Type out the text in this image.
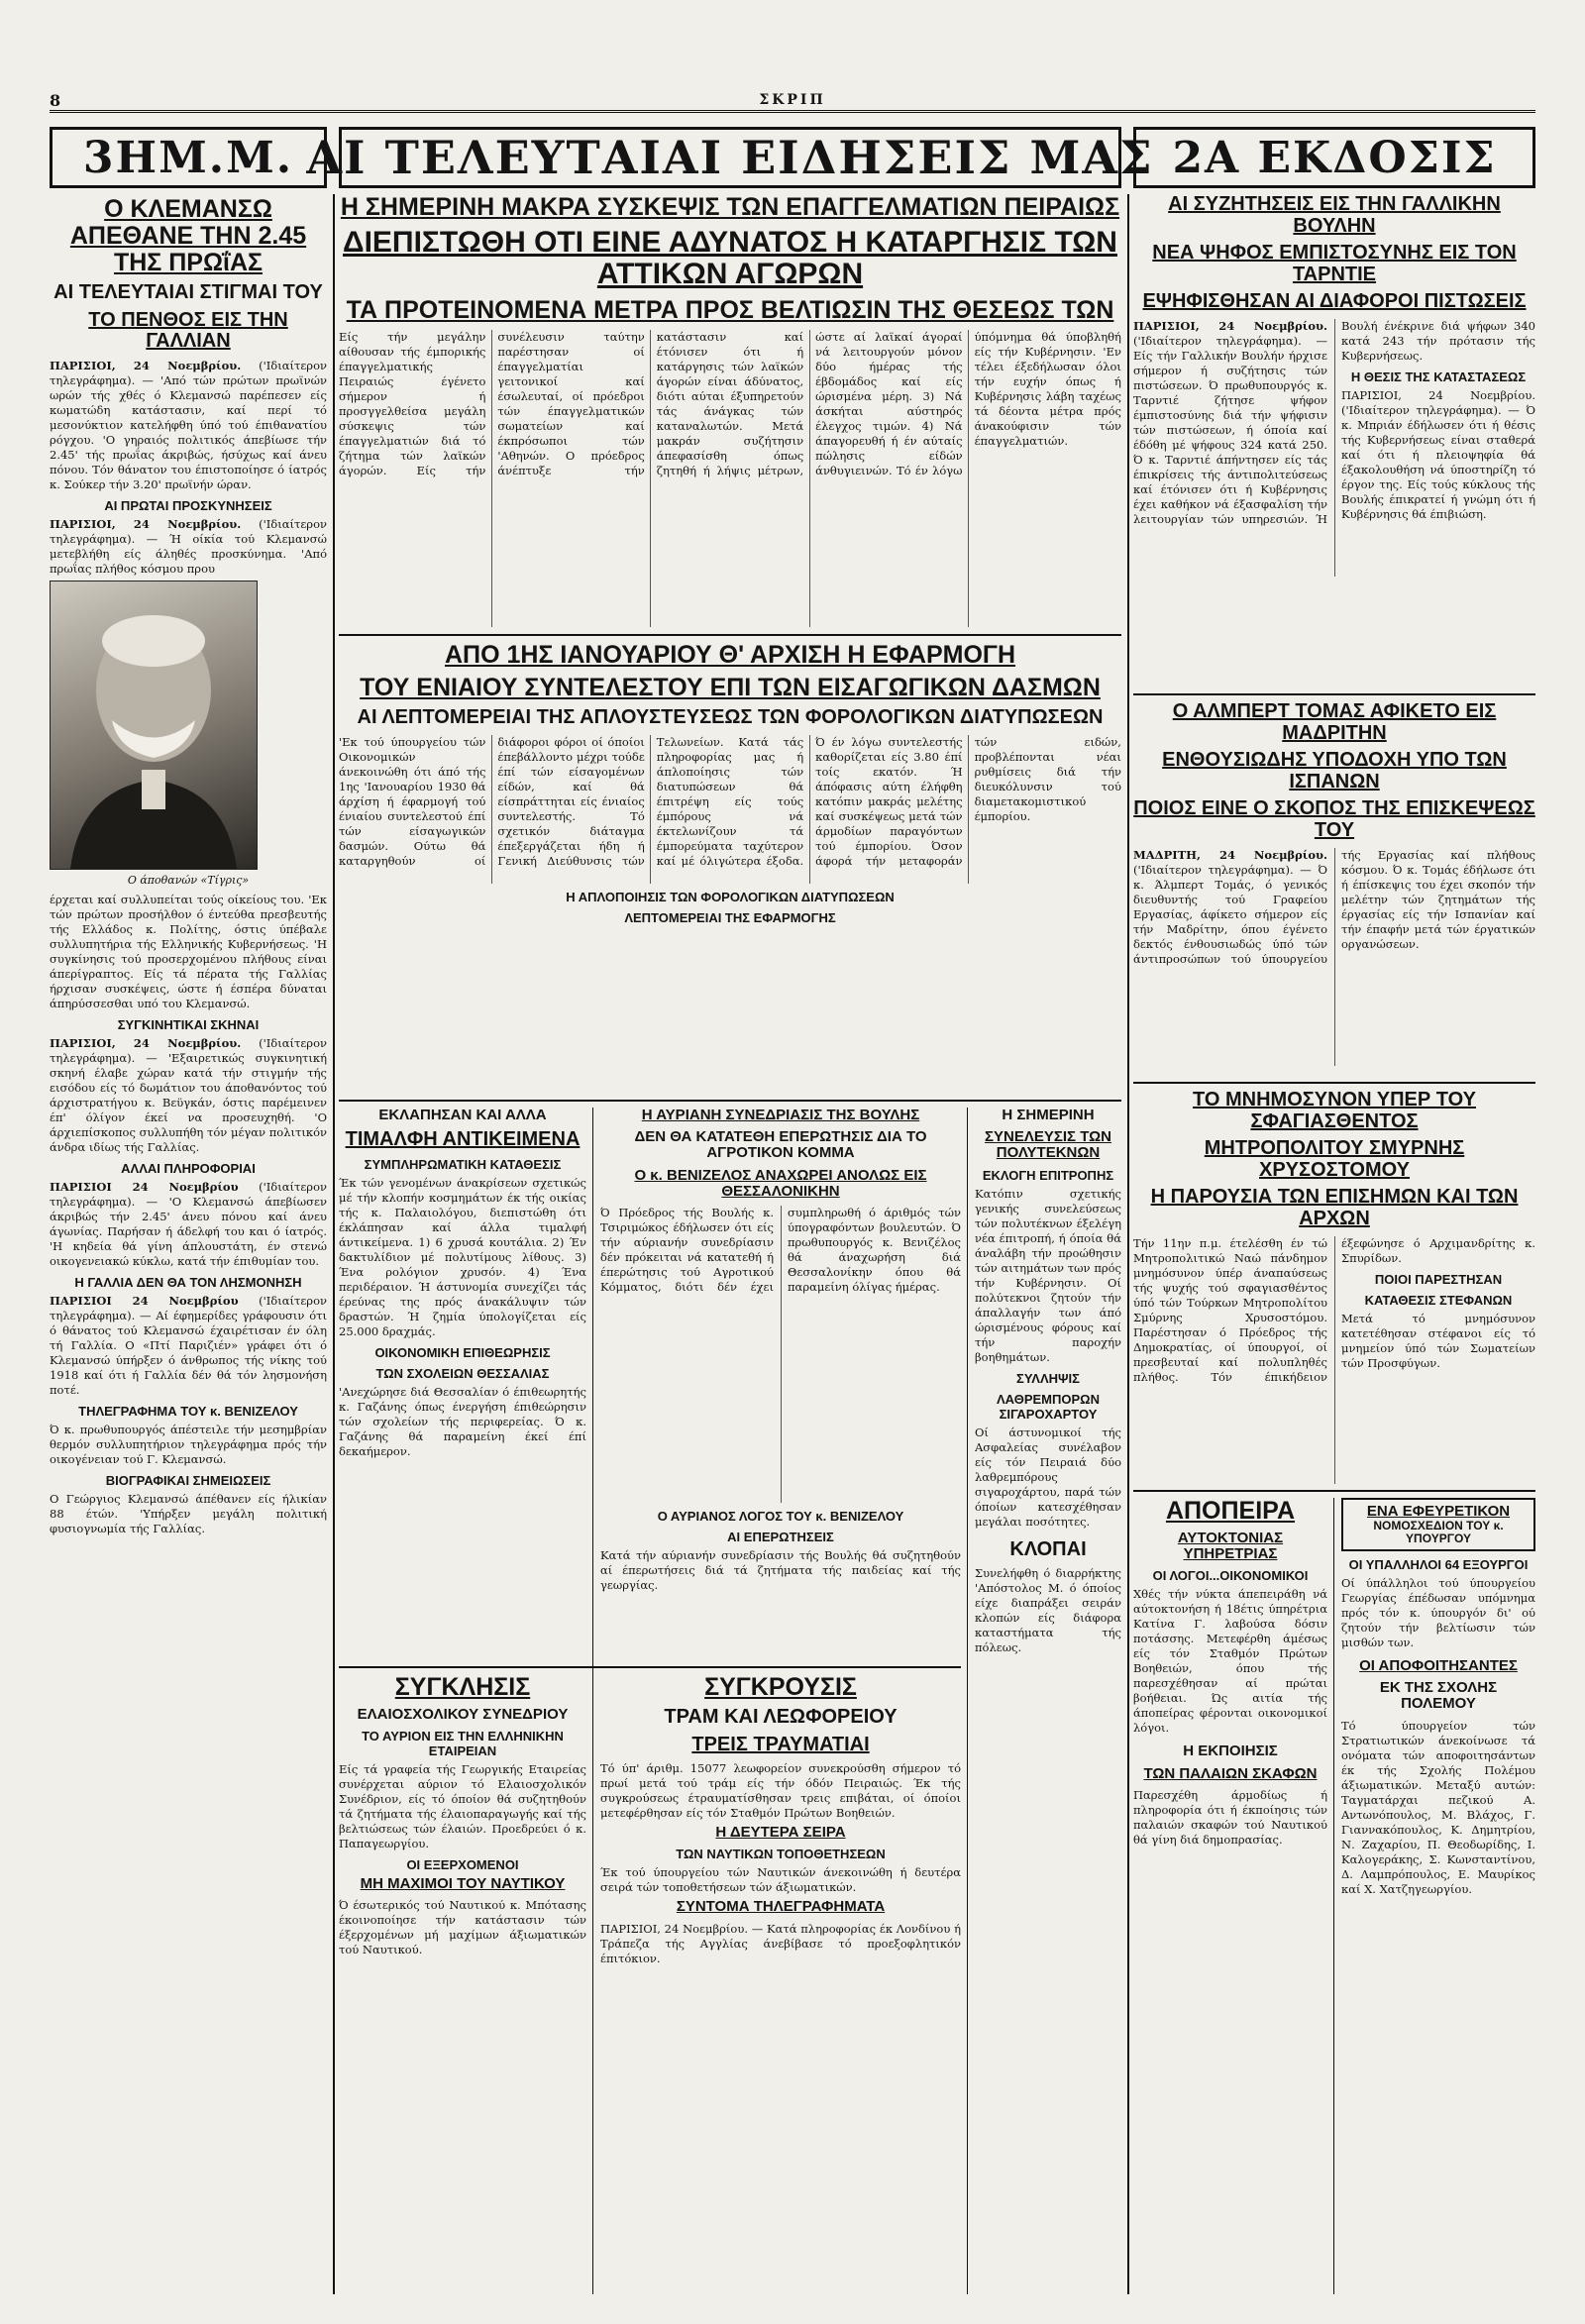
8	ΣΚΡΙΠ
3ΗΜ.Μ. ΑΙ ΤΕΛΕΥΤΑΙΑΙ ΕΙΔΗΣΕΙΣ ΜΑΣ 2Α ΕΚΔΟΣΙΣ
Ο ΚΛΕΜΑΝΣΩ ΑΠΕΘΑΝΕ ΤΗΝ 2.45 ΤΗΣ ΠΡΩΐΑΣ
ΑΙ ΤΕΛΕΥΤΑΙΑΙ ΣΤΙΓΜΑΙ ΤΟΥ
ΤΟ ΠΕΝΘΟΣ ΕΙΣ ΤΗΝ ΓΑΛΛΙΑΝ

ΠΑΡΙΣΙΟΙ, 24 Νοεμβρίου. ('Ιδιαίτερον τηλεγράφημα). — 'Από τών πρώτων πρωϊνών ωρών τής χθές ό Κλεμανσώ παρέπεσεν είς κωματώδη κατάστασιν, καί περί τό μεσονύκτιον κατελήφθη ύπό τού έπιθανατίου ρόγχου. 'Ο γηραιός πολιτικός άπεβίωσε τήν 2.45' τής πρωΐας άκριβώς, ήσύχως καί άνευ πόνου. Τόν θάνατον του έπιστοποίησε ό ίατρός κ. Σούκερ τήν 3.20' πρωϊνήν ώραν.

ΑΙ ΠΡΩΤΑΙ ΠΡΟΣΚΥΝΗΣΕΙΣ

ΠΑΡΙΣΙΟΙ, 24 Νοεμβρίου. ('Ιδιαίτερον τηλεγράφημα). — Ή οίκία τού Κλεμανσώ μετεβλήθη είς άληθές προσκύνημα. 'Από πρωΐας πλήθος κόσμου πρου

Ο άποθανών «Τίγρις»

έρχεται καί συλλυπείται τούς οίκείους του. 'Εκ τών πρώτων προσήλθον ό έντεύθα πρεσβευτής τής Ελλάδος κ. Πολίτης, όστις ύπέβαλε συλλυπητήρια τής Ελληνικής Κυβερνήσεως. 'Η συγκίνησις τού προσερχομένου πλήθους είναι άπερίγραπτος. Είς τά πέρατα τής Γαλλίας ήρχισαν συσκέψεις, ώστε ή έσπέρα δύναται άπηρύσσεσθαι υπό του Κλεμανσώ.

ΣΥΓΚΙΝΗΤΙΚΑΙ ΣΚΗΝΑΙ

ΠΑΡΙΣΙΟΙ, 24 Νοεμβρίου. ('Ιδιαίτερον τηλεγράφημα). — 'Εξαιρετικώς συγκινητική σκηνή έλαβε χώραν κατά τήν στιγμήν τής εισόδου είς τό δωμάτιον του άποθανόντος τού άρχιστρατήγου κ. Βεϋγκάν, όστις παρέμεινεν έπ' όλίγον έκεί να προσευχηθή. 'Ο άρχιεπίσκοπος συλλυπήθη τόν μέγαν πολιτικόν άνδρα ιδίως τής Γαλλίας.

ΑΛΛΑΙ ΠΛΗΡΟΦΟΡΙΑΙ

ΠΑΡΙΣΙΟΙ 24 Νοεμβρίου ('Ιδιαίτερον τηλεγράφημα). — 'Ο Κλεμανσώ άπεβίωσεν άκριβώς τήν 2.45' άνευ πόνου καί άνευ άγωνίας. Παρήσαν ή άδελφή του και ό ίατρός. 'Η κηδεία θά γίνη άπλουστάτη, έν στενώ οικογενειακώ κύκλω, κατά τήν έπιθυμίαν του.

Η ΓΑΛΛΙΑ ΔΕΝ ΘΑ ΤΟΝ ΛΗΣΜΟΝΗΣΗ

ΠΑΡΙΣΙΟΙ 24 Νοεμβρίου ('Ιδιαίτερον τηλεγράφημα). — Αί έφημερίδες γράφουσιν ότι ό θάνατος τού Κλεμανσώ έχαιρέτισαν έν όλη τή Γαλλία. Ο «Πτί Παριζιέν» γράφει ότι ό Κλεμανσώ ύπήρξεν ό άνθρωπος τής νίκης τού 1918 καί ότι ή Γαλλία δέν θά τόν λησμονήση ποτέ.

ΤΗΛΕΓΡΑΦΗΜΑ ΤΟΥ κ. ΒΕΝΙΖΕΛΟΥ

Ό κ. πρωθυπουργός άπέστειλε τήν μεσημβρίαν θερμόν συλλυπητήριον τηλεγράφημα πρός τήν οικογένειαν τού Γ. Κλεμανσώ.

ΒΙΟΓΡΑΦΙΚΑΙ ΣΗΜΕΙΩΣΕΙΣ

Ο Γεώργιος Κλεμανσώ άπέθανεν είς ήλικίαν 88 έτών. 'Υπήρξεν μεγάλη πολιτική φυσιογνωμία τής Γαλλίας.

Η ΣΗΜΕΡΙΝΗ ΜΑΚΡΑ ΣΥΣΚΕΨΙΣ ΤΩΝ ΕΠΑΓΓΕΛΜΑΤΙΩΝ ΠΕΙΡΑΙΩΣ
ΔΙΕΠΙΣΤΩΘΗ ΟΤΙ ΕΙΝΕ ΑΔΥΝΑΤΟΣ Η ΚΑΤΑΡΓΗΣΙΣ ΤΩΝ ΑΤΤΙΚΩΝ ΑΓΩΡΩΝ
ΤΑ ΠΡΟΤΕΙΝΟΜΕΝΑ ΜΕΤΡΑ ΠΡΟΣ ΒΕΛΤΙΩΣΙΝ ΤΗΣ ΘΕΣΕΩΣ ΤΩΝ
Είς τήν μεγάλην αίθουσαν τής έμπορικής έπαγγελματικής Πειραιώς έγένετο σήμερον ή προσγγελθείσα μεγάλη σύσκεψις τών έπαγγελματιών διά τό ζήτημα τών λαϊκών άγορών. Είς τήν συνέλευσιν ταύτην παρέστησαν οί έπαγγελματίαι γειτονικοί καί έσωλευταί, οί πρόεδροι τών έπαγγελματικών σωματείων καί έκπρόσωποι τών 'Αθηνών. Ο πρόεδρος άνέπτυξε τήν κατάστασιν καί έτόνισεν ότι ή κατάργησις τών λαϊκών άγορών είναι άδύνατος, διότι αύται έξυπηρετούν τάς άνάγκας τών καταναλωτών. Μετά μακράν συζήτησιν άπεφασίσθη όπως ζητηθή ή λήψις μέτρων, ώστε αί λαϊκαί άγοραί νά λειτουργούν μόνον δύο ήμέρας τής έβδομάδος καί είς ώρισμένα μέρη. 3) Νά άσκήται αύστηρός έλεγχος τιμών. 4) Νά άπαγορευθή ή έν αύταίς πώλησις είδών άνθυγιεινών. Τό έν λόγω ύπόμνημα θά ύποβληθή είς τήν Κυβέρνησιν. 'Εν τέλει έξεδήλωσαν όλοι τήν ευχήν όπως ή Κυβέρνησις λάβη ταχέως τά δέοντα μέτρα πρός άνακούφισιν τών έπαγγελματιών.
ΑΠΟ 1ΗΣ ΙΑΝΟΥΑΡΙΟΥ Θ' ΑΡΧΙΣΗ Η ΕΦΑΡΜΟΓΗ
ΤΟΥ ΕΝΙΑΙΟΥ ΣΥΝΤΕΛΕΣΤΟΥ ΕΠΙ ΤΩΝ ΕΙΣΑΓΩΓΙΚΩΝ ΔΑΣΜΩΝ
ΑΙ ΛΕΠΤΟΜΕΡΕΙΑΙ ΤΗΣ ΑΠΛΟΥΣΤΕΥΣΕΩΣ ΤΩΝ ΦΟΡΟΛΟΓΙΚΩΝ ΔΙΑΤΥΠΩΣΕΩΝ
'Εκ τού ύπουργείου τών Οικονομικών άνεκοινώθη ότι άπό τής 1ης 'Ιανουαρίου 1930 θά άρχίση ή έφαρμογή τού ένιαίου συντελεστού έπί τών είσαγωγικών δασμών. Ούτω θά καταργηθούν οί διάφοροι φόροι οί όποίοι έπεβάλλοντο μέχρι τούδε έπί τών είσαγομένων είδών, καί θά είσπράττηται είς ένιαίος συντελεστής. Τό σχετικόν διάταγμα έπεξεργάζεται ήδη ή Γενική Διεύθυνσις τών Τελωνείων. Κατά τάς πληροφορίας μας ή άπλοποίησις τών διατυπώσεων θά έπιτρέψη είς τούς έμπόρους νά έκτελωνίζουν τά έμπορεύματα ταχύτερον καί μέ όλιγώτερα έξοδα. Ό έν λόγω συντελεστής καθορίζεται είς 3.80 έπί τοίς εκατόν. Ή άπόφασις αύτη έλήφθη κατόπιν μακράς μελέτης καί συσκέψεως μετά τών άρμοδίων παραγόντων τού έμπορίου. Όσον άφορά τήν μεταφοράν τών ειδών, προβλέπονται νέαι ρυθμίσεις διά τήν διευκόλυνσιν τού διαμετακομιστικού έμπορίου.
Η ΑΠΛΟΠΟΙΗΣΙΣ ΤΩΝ ΦΟΡΟΛΟΓΙΚΩΝ ΔΙΑΤΥΠΩΣΕΩΝ
ΛΕΠΤΟΜΕΡΕΙΑΙ ΤΗΣ ΕΦΑΡΜΟΓΗΣ
ΕΚΛΑΠΗΣΑΝ ΚΑΙ ΑΛΛΑ
ΤΙΜΑΛΦΗ ΑΝΤΙΚΕΙΜΕΝΑ
ΣΥΜΠΛΗΡΩΜΑΤΙΚΗ ΚΑΤΑΘΕΣΙΣ

Έκ τών γενομένων άνακρίσεων σχετικώς μέ τήν κλοπήν κοσμημάτων έκ τής οικίας τής κ. Παλαιολόγου, διεπιστώθη ότι έκλάπησαν καί άλλα τιμαλφή άντικείμενα. 1) 6 χρυσά κουτάλια. 2) Έν δακτυλίδιον μέ πολυτίμους λίθους. 3) Ένα ρολόγιον χρυσόν. 4) Ένα περιδέραιον. Ή άστυνομία συνεχίζει τάς έρεύνας της πρός άνακάλυψιν τών δραστών. Ή ζημία ύπολογίζεται είς 25.000 δραχμάς.

ΟΙΚΟΝΟΜΙΚΗ ΕΠΙΘΕΩΡΗΣΙΣ
ΤΩΝ ΣΧΟΛΕΙΩΝ ΘΕΣΣΑΛΙΑΣ

'Ανεχώρησε διά Θεσσαλίαν ό έπιθεωρητής κ. Γαζάνης όπως ένεργήση έπιθεώρησιν τών σχολείων τής περιφερείας. Ό κ. Γαζάνης θά παραμείνη έκεί έπί δεκαήμερον.

Η ΑΥΡΙΑΝΗ ΣΥΝΕΔΡΙΑΣΙΣ ΤΗΣ ΒΟΥΛΗΣ
ΔΕΝ ΘΑ ΚΑΤΑΤΕΘΗ ΕΠΕΡΩΤΗΣΙΣ ΔΙΑ ΤΟ ΑΓΡΟΤΙΚΟΝ ΚΟΜΜΑ
Ο κ. ΒΕΝΙΖΕΛΟΣ ΑΝΑΧΩΡΕΙ ΑΝΟΛΩΣ ΕΙΣ ΘΕΣΣΑΛΟΝΙΚΗΝ
Ό Πρόεδρος τής Βουλής κ. Τσιριμώκος έδήλωσεν ότι είς τήν αύριανήν συνεδρίασιν δέν πρόκειται νά κατατεθή ή έπερώτησις τού Αγροτικού Κόμματος, διότι δέν έχει συμπληρωθή ό άριθμός τών ύπογραφόντων βουλευτών. Ό πρωθυπουργός κ. Βενιζέλος θά άναχωρήση διά Θεσσαλονίκην όπου θά παραμείνη όλίγας ήμέρας.
Ο ΑΥΡΙΑΝΟΣ ΛΟΓΟΣ ΤΟΥ κ. ΒΕΝΙΖΕΛΟΥ
ΑΙ ΕΠΕΡΩΤΗΣΕΙΣ

Κατά τήν αύριανήν συνεδρίασιν τής Βουλής θά συζητηθούν αί έπερωτήσεις διά τά ζητήματα τής παιδείας καί τής γεωργίας.

Η ΣΗΜΕΡΙΝΗ
ΣΥΝΕΛΕΥΣΙΣ ΤΩΝ ΠΟΛΥΤΕΚΝΩΝ
ΕΚΛΟΓΗ ΕΠΙΤΡΟΠΗΣ

Κατόπιν σχετικής γενικής συνελεύσεως τών πολυτέκνων έξελέγη νέα έπιτροπή, ή όποία θά άναλάβη τήν προώθησιν τών αιτημάτων των πρός τήν Κυβέρνησιν. Οί πολύτεκνοι ζητούν τήν άπαλλαγήν των άπό ώρισμένους φόρους καί τήν παροχήν βοηθημάτων.

ΣΥΛΛΗΨΙΣ
ΛΑΘΡΕΜΠΟΡΩΝ ΣΙΓΑΡΟΧΑΡΤΟΥ

Οί άστυνομικοί τής Ασφαλείας συνέλαβον είς τόν Πειραιά δύο λαθρεμπόρους σιγαροχάρτου, παρά τών όποίων κατεσχέθησαν μεγάλαι ποσότητες.

ΚΛΟΠΑΙ

Συνελήφθη ό διαρρήκτης 'Απόστολος Μ. ό όποίος είχε διαπράξει σειράν κλοπών είς διάφορα καταστήματα τής πόλεως.

ΣΥΓΚΛΗΣΙΣ
ΕΛΑΙΟΣΧΟΛΙΚΟΥ ΣΥΝΕΔΡΙΟΥ
ΤΟ ΑΥΡΙΟΝ ΕΙΣ ΤΗΝ ΕΛΛΗΝΙΚΗΝ ΕΤΑΙΡΕΙΑΝ

Είς τά γραφεία τής Γεωργικής Εταιρείας συνέρχεται αύριον τό Ελαιοσχολικόν Συνέδριον, είς τό όποίον θά συζητηθούν τά ζητήματα τής έλαιοπαραγωγής καί τής βελτιώσεως τών έλαιών. Προεδρεύει ό κ. Παπαγεωργίου.

ΟΙ ΕΞΕΡΧΟΜΕΝΟΙ
ΜΗ ΜΑΧΙΜΟΙ ΤΟΥ ΝΑΥΤΙΚΟΥ

Ό έσωτερικός τού Ναυτικού κ. Μπότασης έκοινοποίησε τήν κατάστασιν τών έξερχομένων μή μαχίμων άξιωματικών τού Ναυτικού.

ΣΥΓΚΡΟΥΣΙΣ
ΤΡΑΜ ΚΑΙ ΛΕΩΦΟΡΕΙΟΥ
ΤΡΕΙΣ ΤΡΑΥΜΑΤΙΑΙ

Τό ύπ' άριθμ. 15077 λεωφορείον συνεκρούσθη σήμερον τό πρωί μετά τού τράμ είς τήν όδόν Πειραιώς. Έκ τής συγκρούσεως έτραυματίσθησαν τρεις επιβάται, οί όποίοι μετεφέρθησαν είς τόν Σταθμόν Πρώτων Βοηθειών.

Η ΔΕΥΤΕΡΑ ΣΕΙΡΑ
ΤΩΝ ΝΑΥΤΙΚΩΝ ΤΟΠΟΘΕΤΗΣΕΩΝ

Έκ τού ύπουργείου τών Ναυτικών άνεκοινώθη ή δευτέρα σειρά τών τοποθετήσεων τών άξιωματικών.

ΣΥΝΤΟΜΑ ΤΗΛΕΓΡΑΦΗΜΑΤΑ

ΠΑΡΙΣΙΟΙ, 24 Νοεμβρίου. — Κατά πληροφορίας έκ Λονδίνου ή Τράπεζα τής Αγγλίας άνεβίβασε τό προεξοφλητικόν έπιτόκιον.

ΑΙ ΣΥΖΗΤΗΣΕΙΣ ΕΙΣ ΤΗΝ ΓΑΛΛΙΚΗΝ ΒΟΥΛΗΝ
ΝΕΑ ΨΗΦΟΣ ΕΜΠΙΣΤΟΣΥΝΗΣ ΕΙΣ ΤΟΝ ΤΑΡΝΤΙΕ
ΕΨΗΦΙΣΘΗΣΑΝ ΑΙ ΔΙΑΦΟΡΟΙ ΠΙΣΤΩΣΕΙΣ
ΠΑΡΙΣΙΟΙ, 24 Νοεμβρίου. ('Ιδιαίτερον τηλεγράφημα). — Είς τήν Γαλλικήν Βουλήν ήρχισε σήμερον ή συζήτησις τών πιστώσεων. Ό πρωθυπουργός κ. Ταρντιέ ζήτησε ψήφον έμπιστοσύνης διά τήν ψήφισιν τών πιστώσεων, ή όποία καί έδόθη μέ ψήφους 324 κατά 250. Ό κ. Ταρντιέ άπήντησεν είς τάς έπικρίσεις τής άντιπολιτεύσεως καί έτόνισεν ότι ή Κυβέρνησις έχει καθήκον νά έξασφαλίση τήν λειτουργίαν τών υπηρεσιών. Ή Βουλή ένέκρινε διά ψήφων 340 κατά 243 τήν πρότασιν τής Κυβερνήσεως.
Η ΘΕΣΙΣ ΤΗΣ ΚΑΤΑΣΤΑΣΕΩΣ
ΠΑΡΙΣΙΟΙ, 24 Νοεμβρίου. ('Ιδιαίτερον τηλεγράφημα). — Ό κ. Μπριάν έδήλωσεν ότι ή θέσις τής Κυβερνήσεως είναι σταθερά καί ότι ή πλειοψηφία θά έξακολουθήση νά ύποστηρίζη τό έργον της. Είς τούς κύκλους τής Βουλής έπικρατεί ή γνώμη ότι ή Κυβέρνησις θά έπιβιώση.
Ο ΑΛΜΠΕΡΤ ΤΟΜΑΣ ΑΦΙΚΕΤΟ ΕΙΣ ΜΑΔΡΙΤΗΝ
ΕΝΘΟΥΣΙΩΔΗΣ ΥΠΟΔΟΧΗ ΥΠΟ ΤΩΝ ΙΣΠΑΝΩΝ
ΠΟΙΟΣ ΕΙΝΕ Ο ΣΚΟΠΟΣ ΤΗΣ ΕΠΙΣΚΕΨΕΩΣ ΤΟΥ
ΜΑΔΡΙΤΗ, 24 Νοεμβρίου. ('Ιδιαίτερον τηλεγράφημα). — Ό κ. Άλμπερτ Τομάς, ό γενικός διευθυντής τού Γραφείου Εργασίας, άφίκετο σήμερον είς τήν Μαδρίτην, όπου έγένετο δεκτός ένθουσιωδώς ύπό τών άντιπροσώπων τού ύπουργείου τής Εργασίας καί πλήθους κόσμου. Ό κ. Τομάς έδήλωσε ότι ή έπίσκεψις του έχει σκοπόν τήν μελέτην τών ζητημάτων τής έργασίας είς τήν Ισπανίαν καί τήν έπαφήν μετά τών έργατικών οργανώσεων.
ΤΟ ΜΝΗΜΟΣΥΝΟΝ ΥΠΕΡ ΤΟΥ ΣΦΑΓΙΑΣΘΕΝΤΟΣ
ΜΗΤΡΟΠΟΛΙΤΟΥ ΣΜΥΡΝΗΣ ΧΡΥΣΟΣΤΟΜΟΥ
Η ΠΑΡΟΥΣΙΑ ΤΩΝ ΕΠΙΣΗΜΩΝ ΚΑΙ ΤΩΝ ΑΡΧΩΝ
Τήν 11ην π.μ. έτελέσθη έν τώ Μητροπολιτικώ Ναώ πάνδημον μνημόσυνον ύπέρ άναπαύσεως τής ψυχής τού σφαγιασθέντος ύπό τών Τούρκων Μητροπολίτου Σμύρνης Χρυσοστόμου. Παρέστησαν ό Πρόεδρος τής Δημοκρατίας, οί ύπουργοί, οί πρεσβευταί καί πολυπληθές πλήθος. Τόν έπικήδειον έξεφώνησε ό Αρχιμανδρίτης κ. Σπυρίδων.
ΠΟΙΟΙ ΠΑΡΕΣΤΗΣΑΝ
ΚΑΤΑΘΕΣΙΣ ΣΤΕΦΑΝΩΝ
Μετά τό μνημόσυνον κατετέθησαν στέφανοι είς τό μνημείον ύπό τών Σωματείων τών Προσφύγων.
ΑΠΟΠΕΙΡΑ
ΑΥΤΟΚΤΟΝΙΑΣ ΥΠΗΡΕΤΡΙΑΣ
ΟΙ ΛΟΓΟΙ...ΟΙΚΟΝΟΜΙΚΟΙ

Χθές τήν νύκτα άπεπειράθη νά αύτοκτονήση ή 18έτις ύπηρέτρια Κατίνα Γ. λαβούσα δόσιν ποτάσσης. Μετεφέρθη άμέσως είς τόν Σταθμόν Πρώτων Βοηθειών, όπου τής παρεσχέθησαν αί πρώται βοήθειαι. Ώς αιτία τής άποπείρας φέρονται οικονομικοί λόγοι.

Η ΕΚΠΟΙΗΣΙΣ
ΤΩΝ ΠΑΛΑΙΩΝ ΣΚΑΦΩΝ

Παρεσχέθη άρμοδίως ή πληροφορία ότι ή έκποίησις τών παλαιών σκαφών τού Ναυτικού θά γίνη διά δημοπρασίας.

ΕΝΑ ΕΦΕΥΡΕΤΙΚΟΝ
ΝΟΜΟΣΧΕΔΙΟΝ ΤΟΥ κ. ΥΠΟΥΡΓΟΥ
ΟΙ ΥΠΑΛΛΗΛΟΙ 64 ΕΞΟΥΡΓΟΙ

Οί ύπάλληλοι τού ύπουργείου Γεωργίας έπέδωσαν υπόμνημα πρός τόν κ. ύπουργόν δι' ού ζητούν τήν βελτίωσιν τών μισθών των.

ΟΙ ΑΠΟΦΟΙΤΗΣΑΝΤΕΣ
ΕΚ ΤΗΣ ΣΧΟΛΗΣ ΠΟΛΕΜΟΥ

Τό ύπουργείον τών Στρατιωτικών άνεκοίνωσε τά ονόματα τών αποφοιτησάντων έκ τής Σχολής Πολέμου άξιωματικών. Μεταξύ αυτών: Ταγματάρχαι πεζικού Α. Αντωνόπουλος, Μ. Βλάχος, Γ. Γιαννακόπουλος, Κ. Δημητρίου, Ν. Ζαχαρίου, Π. Θεοδωρίδης, Ι. Καλογεράκης, Σ. Κωνσταντίνου, Δ. Λαμπρόπουλος, Ε. Μαυρίκος καί Χ. Χατζηγεωργίου.
